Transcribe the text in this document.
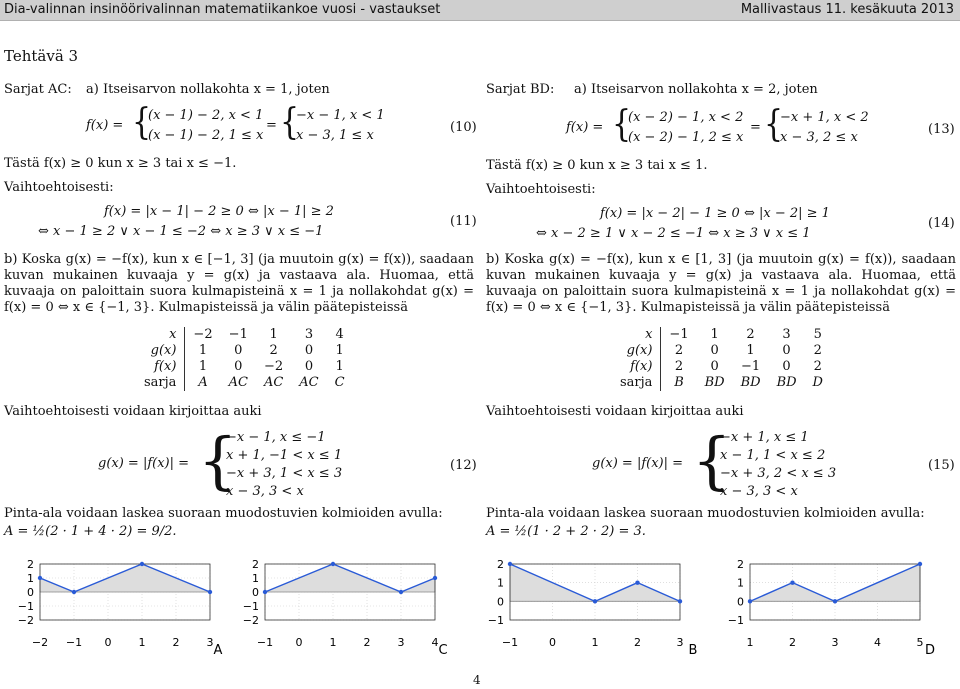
Dia-valinnan insinöörivalinnan matematiikankoe vuosi - vastaukset	Mallivastaus 11. kesäkuuta 2013
Tehtävä 3
Sarjat AC: a) Itseisarvon nollakohta x = 1, joten
f(x) = {
(x − 1) − 2, x < 1
(x − 1) − 2, 1 ≤ x
= {
−x − 1, x < 1
x − 3, 1 ≤ x
(10)
Tästä f(x) ≥ 0 kun x ≥ 3 tai x ≤ −1.
Vaihtoehtoisesti:
f(x) = |x − 1| − 2 ≥ 0 ⇔ |x − 1| ≥ 2
⇔ x − 1 ≥ 2 ∨ x − 1 ≤ −2 ⇔ x ≥ 3 ∨ x ≤ −1
(11)
b) Koska g(x) = −f(x), kun x ∈ [−1, 3] (ja muutoin g(x) = f(x)), saadaan kuvan mukainen kuvaaja y = g(x) ja vastaava ala. Huomaa, että kuvaaja on paloittain suora kulmapisteinä x = 1 ja nollakohdat g(x) = f(x) = 0 ⇔ x ∈ {−1, 3}. Kulmapisteissä ja välin päätepisteissä
x	−2	−1	1	3	4
g(x)	1	0	2	0	1
f(x)	1	0	−2	0	1
sarja	A	AC	AC	AC	C
Vaihtoehtoisesti voidaan kirjoittaa auki
g(x) = |f(x)| = {
−x − 1, x ≤ −1
x + 1, −1 < x ≤ 1
−x + 3, 1 < x ≤ 3
x − 3, 3 < x
(12)
Pinta-ala voidaan laskea suoraan muodostuvien kolmioiden avulla:
A = ½(2 · 1 + 4 · 2) = 9/2.
Sarjat BD: a) Itseisarvon nollakohta x = 2, joten
f(x) = {
(x − 2) − 1, x < 2
(x − 2) − 1, 2 ≤ x
= {
−x + 1, x < 2
x − 3, 2 ≤ x
(13)
Tästä f(x) ≥ 0 kun x ≥ 3 tai x ≤ 1.
Vaihtoehtoisesti:
f(x) = |x − 2| − 1 ≥ 0 ⇔ |x − 2| ≥ 1
⇔ x − 2 ≥ 1 ∨ x − 2 ≤ −1 ⇔ x ≥ 3 ∨ x ≤ 1
(14)
b) Koska g(x) = −f(x), kun x ∈ [1, 3] (ja muutoin g(x) = f(x)), saadaan kuvan mukainen kuvaaja y = g(x) ja vastaava ala. Huomaa, että kuvaaja on paloittain suora kulmapisteinä x = 1 ja nollakohdat g(x) = f(x) = 0 ⇔ x ∈ {−1, 3}. Kulmapisteissä ja välin päätepisteissä
x	−1	1	2	3	5
g(x)	2	0	1	0	2
f(x)	2	0	−1	0	2
sarja	B	BD	BD	BD	D
Vaihtoehtoisesti voidaan kirjoittaa auki
g(x) = |f(x)| = {
−x + 1, x ≤ 1
x − 1, 1 < x ≤ 2
−x + 3, 2 < x ≤ 3
x − 3, 3 < x
(15)
Pinta-ala voidaan laskea suoraan muodostuvien kolmioiden avulla:
A = ½(1 · 2 + 2 · 2) = 3.
2
1
0
−1
−2
−2 −1 0 1 2 3
A
2
1
0
−1
−2
−1 0 1 2 3 4
C
2
1
0
−1
−1	0	1	2	3
B
2
1
0
−1
1	2	3	4	5
D
4
